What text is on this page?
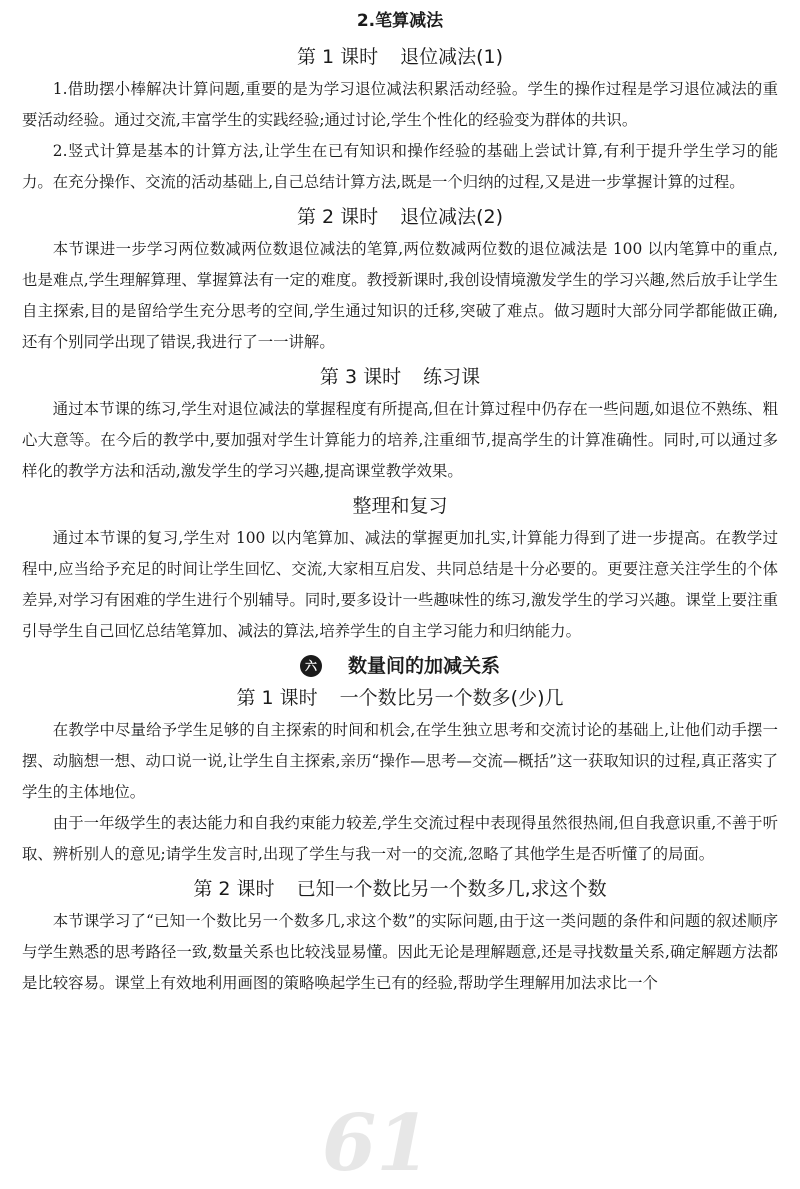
2.笔算减法
第 1 课时 退位减法(1)

1.借助摆小棒解决计算问题,重要的是为学习退位减法积累活动经验。学生的操作过程是学习退位减法的重要活动经验。通过交流,丰富学生的实践经验;通过讨论,学生个性化的经验变为群体的共识。

2.竖式计算是基本的计算方法,让学生在已有知识和操作经验的基础上尝试计算,有利于提升学生学习的能力。在充分操作、交流的活动基础上,自己总结计算方法,既是一个归纳的过程,又是进一步掌握计算的过程。

第 2 课时 退位减法(2)

本节课进一步学习两位数减两位数退位减法的笔算,两位数减两位数的退位减法是 100 以内笔算中的重点,也是难点,学生理解算理、掌握算法有一定的难度。教授新课时,我创设情境激发学生的学习兴趣,然后放手让学生自主探索,目的是留给学生充分思考的空间,学生通过知识的迁移,突破了难点。做习题时大部分同学都能做正确,还有个别同学出现了错误,我进行了一一讲解。

第 3 课时 练习课

通过本节课的练习,学生对退位减法的掌握程度有所提高,但在计算过程中仍存在一些问题,如退位不熟练、粗心大意等。在今后的教学中,要加强对学生计算能力的培养,注重细节,提高学生的计算准确性。同时,可以通过多样化的教学方法和活动,激发学生的学习兴趣,提高课堂教学效果。

整理和复习

通过本节课的复习,学生对 100 以内笔算加、减法的掌握更加扎实,计算能力得到了进一步提高。在教学过程中,应当给予充足的时间让学生回忆、交流,大家相互启发、共同总结是十分必要的。更要注意关注学生的个体差异,对学习有困难的学生进行个别辅导。同时,要多设计一些趣味性的练习,激发学生的学习兴趣。课堂上要注重引导学生自己回忆总结笔算加、减法的算法,培养学生的自主学习能力和归纳能力。

六 数量间的加减关系
第 1 课时 一个数比另一个数多(少)几

在教学中尽量给予学生足够的自主探索的时间和机会,在学生独立思考和交流讨论的基础上,让他们动手摆一摆、动脑想一想、动口说一说,让学生自主探索,亲历“操作—思考—交流—概括”这一获取知识的过程,真正落实了学生的主体地位。

由于一年级学生的表达能力和自我约束能力较差,学生交流过程中表现得虽然很热闹,但自我意识重,不善于听取、辨析别人的意见;请学生发言时,出现了学生与我一对一的交流,忽略了其他学生是否听懂了的局面。

第 2 课时 已知一个数比另一个数多几,求这个数

本节课学习了“已知一个数比另一个数多几,求这个数”的实际问题,由于这一类问题的条件和问题的叙述顺序与学生熟悉的思考路径一致,数量关系也比较浅显易懂。因此无论是理解题意,还是寻找数量关系,确定解题方法都是比较容易。课堂上有效地利用画图的策略唤起学生已有的经验,帮助学生理解用加法求比一个

61
